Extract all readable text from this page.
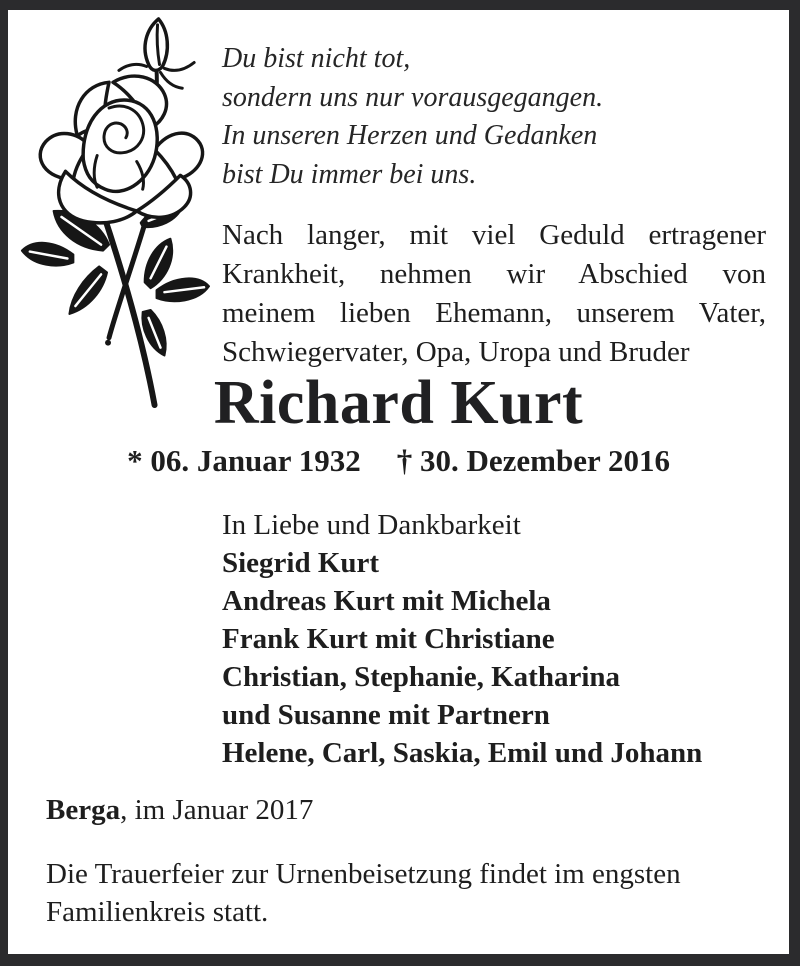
Du bist nicht tot,
sondern uns nur vorausgegangen.
In unseren Herzen und Gedanken
bist Du immer bei uns.
Nach langer, mit viel Geduld ertragener
Krankheit, nehmen wir Abschied von
meinem lieben Ehemann, unserem Vater,
Schwiegervater, Opa, Uropa und Bruder
Richard Kurt
* 06. Januar 1932 † 30. Dezember 2016
In Liebe und Dankbarkeit
Siegrid Kurt
Andreas Kurt mit Michela
Frank Kurt mit Christiane
Christian, Stephanie, Katharina
und Susanne mit Partnern
Helene, Carl, Saskia, Emil und Johann
Berga, im Januar 2017
Die Trauerfeier zur Urnenbeisetzung findet im engsten
Familienkreis statt.
